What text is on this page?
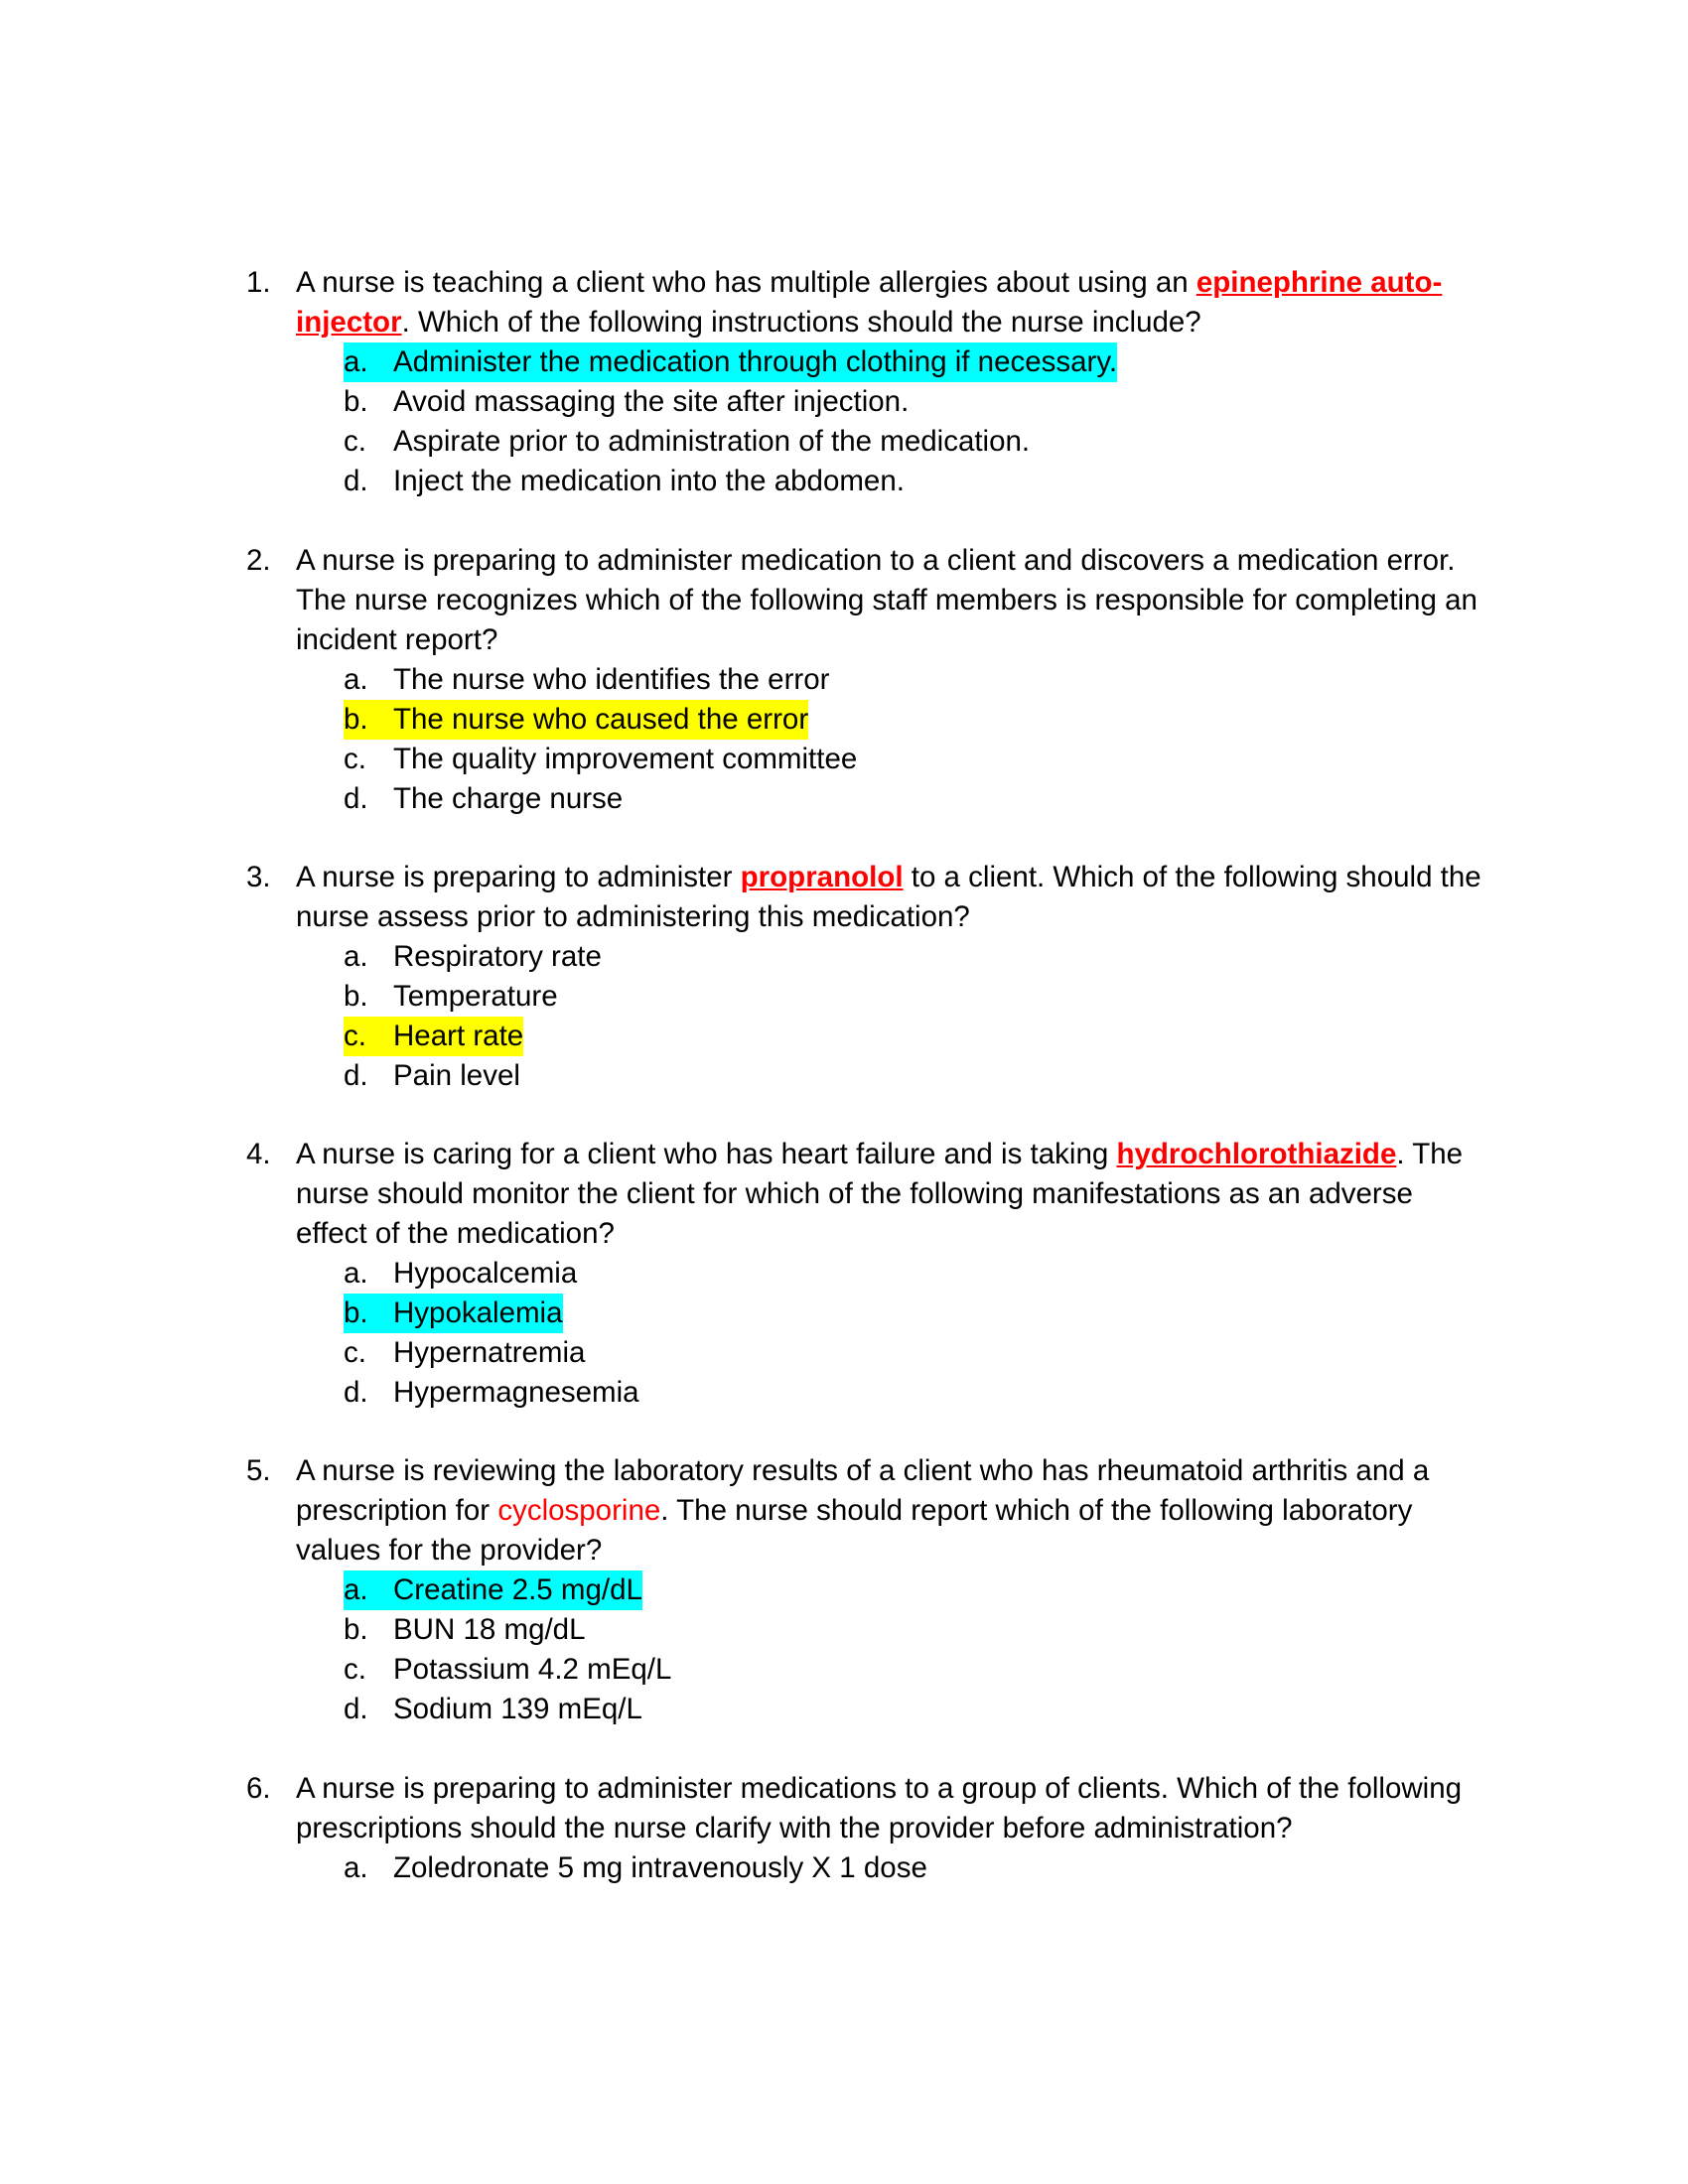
1. A nurse is teaching a client who has multiple allergies about using an epinephrine auto-injector. Which of the following instructions should the nurse include?
a. Administer the medication through clothing if necessary.
b. Avoid massaging the site after injection.
c. Aspirate prior to administration of the medication.
d. Inject the medication into the abdomen.
2. A nurse is preparing to administer medication to a client and discovers a medication error. The nurse recognizes which of the following staff members is responsible for completing an incident report?
a. The nurse who identifies the error
b. The nurse who caused the error
c. The quality improvement committee
d. The charge nurse
3. A nurse is preparing to administer propranolol to a client. Which of the following should the nurse assess prior to administering this medication?
a. Respiratory rate
b. Temperature
c. Heart rate
d. Pain level
4. A nurse is caring for a client who has heart failure and is taking hydrochlorothiazide. The nurse should monitor the client for which of the following manifestations as an adverse effect of the medication?
a. Hypocalcemia
b. Hypokalemia
c. Hypernatremia
d. Hypermagnesemia
5. A nurse is reviewing the laboratory results of a client who has rheumatoid arthritis and a prescription for cyclosporine. The nurse should report which of the following laboratory values for the provider?
a. Creatine 2.5 mg/dL
b. BUN 18 mg/dL
c. Potassium 4.2 mEq/L
d. Sodium 139 mEq/L
6. A nurse is preparing to administer medications to a group of clients. Which of the following prescriptions should the nurse clarify with the provider before administration?
a. Zoledronate 5 mg intravenously X 1 dose
